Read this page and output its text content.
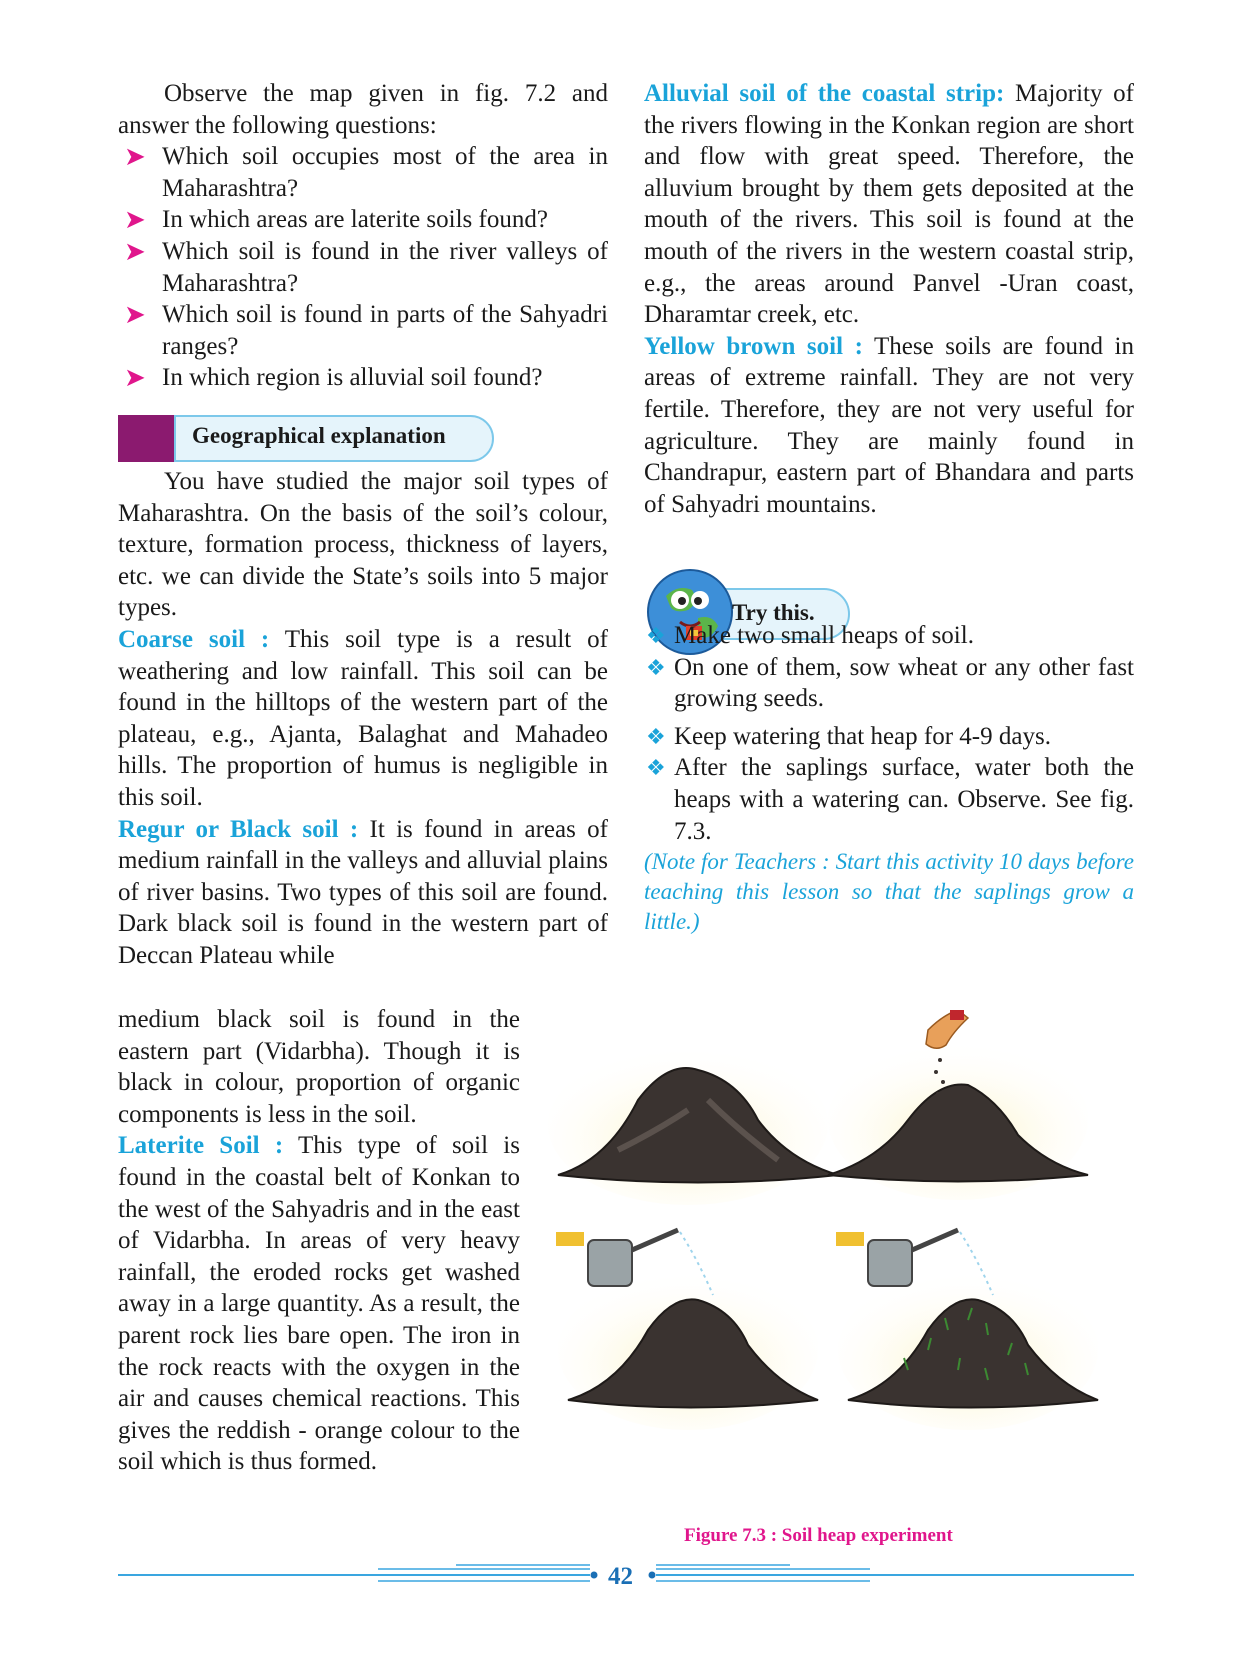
Observe the map given in fig. 7.2 and answer the following questions:

➤ Which soil occupies most of the area in Maharashtra?

➤ In which areas are laterite soils found?

➤ Which soil is found in the river valleys of Maharashtra?

➤ Which soil is found in parts of the Sahyadri ranges?

➤ In which region is alluvial soil found?

Geographical explanation

You have studied the major soil types of Maharashtra. On the basis of the soil’s colour, texture, formation process, thickness of layers, etc. we can divide the State’s soils into 5 major types.

Coarse soil : This soil type is a result of weathering and low rainfall. This soil can be found in the hilltops of the western part of the plateau, e.g., Ajanta, Balaghat and Mahadeo hills. The proportion of humus is negligible in this soil.

Regur or Black soil : It is found in areas of medium rainfall in the valleys and alluvial plains of river basins. Two types of this soil are found. Dark black soil is found in the western part of Deccan Plateau while

medium black soil is found in the eastern part (Vidarbha). Though it is black in colour, proportion of organic components is less in the soil.

Laterite Soil : This type of soil is found in the coastal belt of Konkan to the west of the Sahyadris and in the east of Vidarbha. In areas of very heavy rainfall, the eroded rocks get washed away in a large quantity. As a result, the parent rock lies bare open. The iron in the rock reacts with the oxygen in the air and causes chemical reactions. This gives the reddish - orange colour to the soil which is thus formed.

Alluvial soil of the coastal strip: Majority of the rivers flowing in the Konkan region are short and flow with great speed. Therefore, the alluvium brought by them gets deposited at the mouth of the rivers. This soil is found at the mouth of the rivers in the western coastal strip, e.g., the areas around Panvel -Uran coast, Dharamtar creek, etc.

Yellow brown soil : These soils are found in areas of extreme rainfall. They are not very fertile. Therefore, they are not very useful for agriculture. They are mainly found in Chandrapur, eastern part of Bhandara and parts of Sahyadri mountains.

Try this.

❖ Make two small heaps of soil.

❖ On one of them, sow wheat or any other fast growing seeds.

❖ Keep watering that heap for 4-9 days.

❖ After the saplings surface, water both the heaps with a watering can. Observe. See fig. 7.3.

(Note for Teachers : Start this activity 10 days before teaching this lesson so that the saplings grow a little.)

Figure 7.3 : Soil heap experiment
42
